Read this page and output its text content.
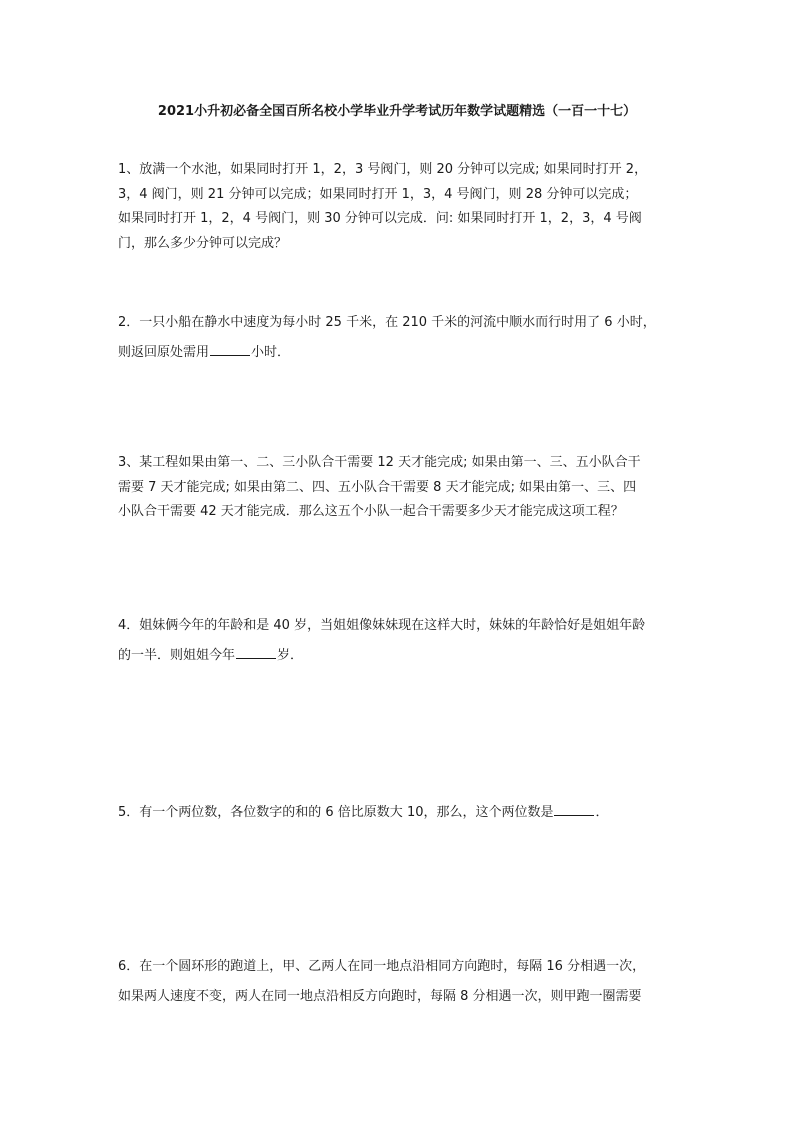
2021小升初必备全国百所名校小学毕业升学考试历年数学试题精选（一百一十七）
1、放满一个水池，如果同时打开 1，2，3 号阀门，则 20 分钟可以完成; 如果同时打开 2，
3，4 阀门，则 21 分钟可以完成；如果同时打开 1，3，4 号阀门，则 28 分钟可以完成；
如果同时打开 1，2，4 号阀门，则 30 分钟可以完成．问: 如果同时打开 1，2，3，4 号阀
门，那么多少分钟可以完成？
2．一只小船在静水中速度为每小时 25 千米，在 210 千米的河流中顺水而行时用了 6 小时，
则返回原处需用	小时．
3、某工程如果由第一、二、三小队合干需要 12 天才能完成; 如果由第一、三、五小队合干
需要 7 天才能完成; 如果由第二、四、五小队合干需要 8 天才能完成; 如果由第一、三、四
小队合干需要 42 天才能完成．那么这五个小队一起合干需要多少天才能完成这项工程？
4．姐妹俩今年的年龄和是 40 岁，当姐姐像妹妹现在这样大时，妹妹的年龄恰好是姐姐年龄
的一半．则姐姐今年	岁．
5．有一个两位数，各位数字的和的 6 倍比原数大 10，那么，这个两位数是	．
6．在一个圆环形的跑道上，甲、乙两人在同一地点沿相同方向跑时，每隔 16 分相遇一次，
如果两人速度不变，两人在同一地点沿相反方向跑时，每隔 8 分相遇一次，则甲跑一圈需要
